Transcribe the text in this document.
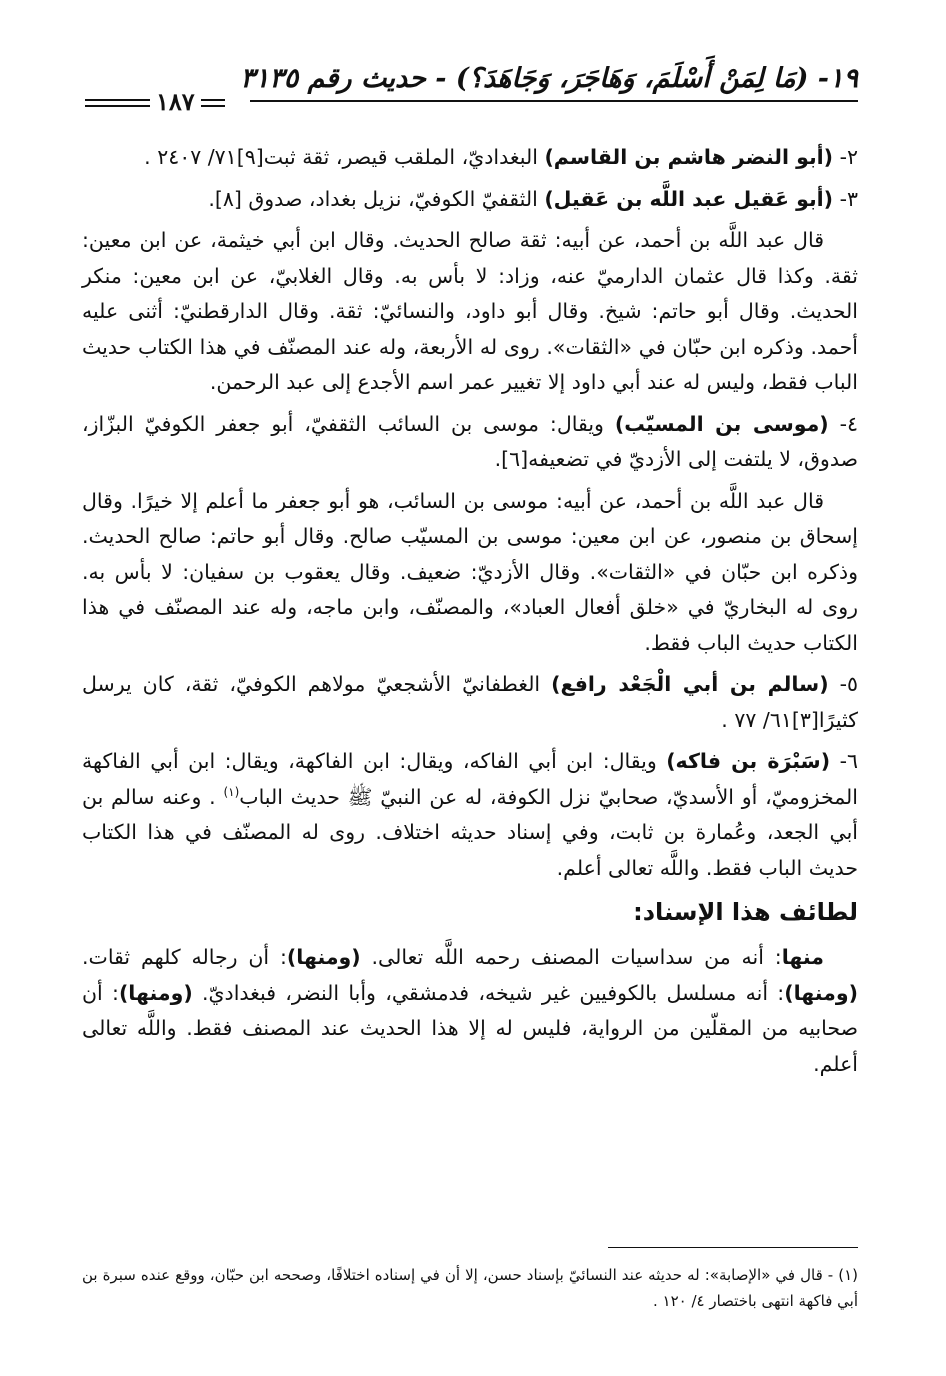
١٩- (مَا لِمَنْ أَسْلَمَ، وَهَاجَرَ، وَجَاهَدَ؟) - حديث رقم ٣١٣٥
١٨٧

٢- (أبو النضر هاشم بن القاسم) البغداديّ، الملقب قيصر، ثقة ثبت[٩]٧١/ ٢٤٠٧ .

٣- (أبو عَقيل عبد اللَّه بن عَقيل) الثقفيّ الكوفيّ، نزيل بغداد، صدوق [٨].

قال عبد اللَّه بن أحمد، عن أبيه: ثقة صالح الحديث. وقال ابن أبي خيثمة، عن ابن معين: ثقة. وكذا قال عثمان الدارميّ عنه، وزاد: لا بأس به. وقال الغلابيّ، عن ابن معين: منكر الحديث. وقال أبو حاتم: شيخ. وقال أبو داود، والنسائيّ: ثقة. وقال الدارقطنيّ: أثنى عليه أحمد. وذكره ابن حبّان في «الثقات». روى له الأربعة، وله عند المصنّف في هذا الكتاب حديث الباب فقط، وليس له عند أبي داود إلا تغيير عمر اسم الأجدع إلى عبد الرحمن.

٤- (موسى بن المسيّب) ويقال: موسى بن السائب الثقفيّ، أبو جعفر الكوفيّ البزّاز، صدوق، لا يلتفت إلى الأزديّ في تضعيفه[٦].

قال عبد اللَّه بن أحمد، عن أبيه: موسى بن السائب، هو أبو جعفر ما أعلم إلا خيرًا. وقال إسحاق بن منصور، عن ابن معين: موسى بن المسيّب صالح. وقال أبو حاتم: صالح الحديث. وذكره ابن حبّان في «الثقات». وقال الأزديّ: ضعيف. وقال يعقوب بن سفيان: لا بأس به. روى له البخاريّ في «خلق أفعال العباد»، والمصنّف، وابن ماجه، وله عند المصنّف في هذا الكتاب حديث الباب فقط.

٥- (سالم بن أبي الْجَعْد رافع) الغطفانيّ الأشجعيّ مولاهم الكوفيّ، ثقة، كان يرسل كثيرًا[٣]٦١/ ٧٧ .

٦- (سَبْرَة بن فاكه) ويقال: ابن أبي الفاكه، ويقال: ابن الفاكهة، ويقال: ابن أبي الفاكهة المخزوميّ، أو الأسديّ، صحابيّ نزل الكوفة، له عن النبيّ ﷺ حديث الباب$^{(١)}$ . وعنه سالم بن أبي الجعد، وعُمارة بن ثابت، وفي إسناد حديثه اختلاف. روى له المصنّف في هذا الكتاب حديث الباب فقط. واللَّه تعالى أعلم.

لطائف هذا الإسناد:

منها: أنه من سداسيات المصنف رحمه اللَّه تعالى. (ومنها): أن رجاله كلهم ثقات. (ومنها): أنه مسلسل بالكوفيين غير شيخه، فدمشقي، وأبا النضر، فبغداديّ. (ومنها): أن صحابيه من المقلّين من الرواية، فليس له إلا هذا الحديث عند المصنف فقط. واللَّه تعالى أعلم.

(١) - قال في «الإصابة»: له حديثه عند النسائيّ بإسناد حسن، إلا أن في إسناده اختلافًا، وصححه ابن حبّان، ووقع عنده سبرة بن أبي فاكهة انتهى باختصار ٤/ ١٢٠ .
